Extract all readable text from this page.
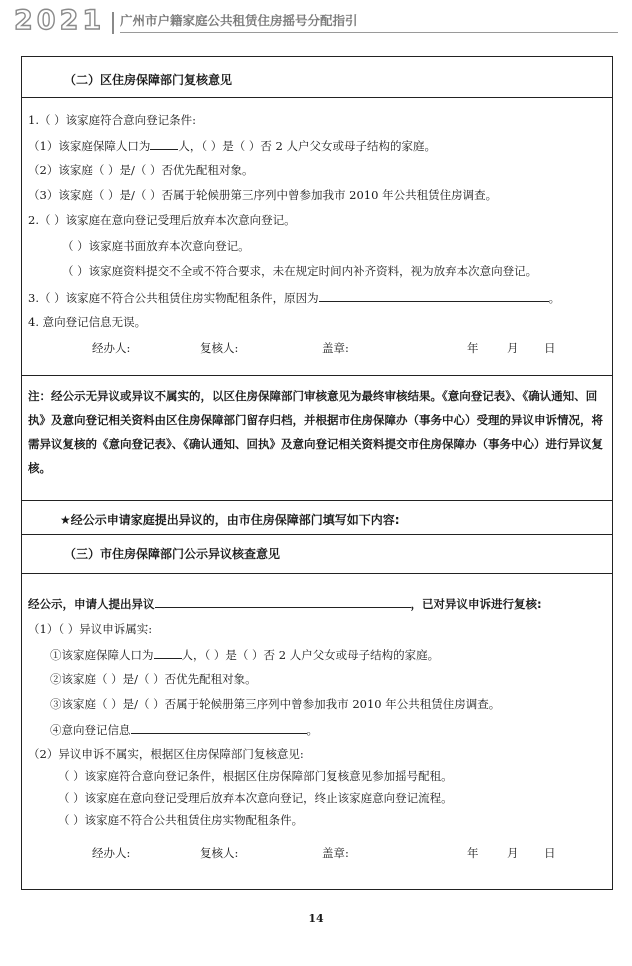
2021 广州市户籍家庭公共租赁住房摇号分配指引
（二）区住房保障部门复核意见
1.（ ）该家庭符合意向登记条件:
（1）该家庭保障人口为 人，（ ）是（ ）否 2 人户父女或母子结构的家庭。
（2）该家庭（ ）是/（ ）否优先配租对象。
（3）该家庭（ ）是/（ ）否属于轮候册第三序列中曾参加我市 2010 年公共租赁住房调查。
2.（ ）该家庭在意向登记受理后放弃本次意向登记。
（ ）该家庭书面放弃本次意向登记。
（ ）该家庭资料提交不全或不符合要求，未在规定时间内补齐资料，视为放弃本次意向登记。
3.（ ）该家庭不符合公共租赁住房实物配租条件，原因为	。
4. 意向登记信息无误。
经办人:	复核人:	盖章:	年 月 日
注：经公示无异议或异议不属实的，以区住房保障部门审核意见为最终审核结果。《意向登记表》、《确认通知、回执》及意向登记相关资料由区住房保障部门留存归档，并根据市住房保障办（事务中心）受理的异议申诉情况，将需异议复核的《意向登记表》、《确认通知、回执》及意向登记相关资料提交市住房保障办（事务中心）进行异议复核。
★经公示申请家庭提出异议的，由市住房保障部门填写如下内容:
（三）市住房保障部门公示异议核查意见
经公示，申请人提出异议	，已对异议申诉进行复核:
（1）（ ）异议申诉属实:
①该家庭保障人口为 人，（ ）是（ ）否 2 人户父女或母子结构的家庭。
②该家庭（ ）是/（ ）否优先配租对象。
③该家庭（ ）是/（ ）否属于轮候册第三序列中曾参加我市 2010 年公共租赁住房调查。
④意向登记信息	。
（2）异议申诉不属实，根据区住房保障部门复核意见:
（ ）该家庭符合意向登记条件，根据区住房保障部门复核意见参加摇号配租。
（ ）该家庭在意向登记受理后放弃本次意向登记，终止该家庭意向登记流程。
（ ）该家庭不符合公共租赁住房实物配租条件。
经办人:	复核人:	盖章:	年 月 日
14
